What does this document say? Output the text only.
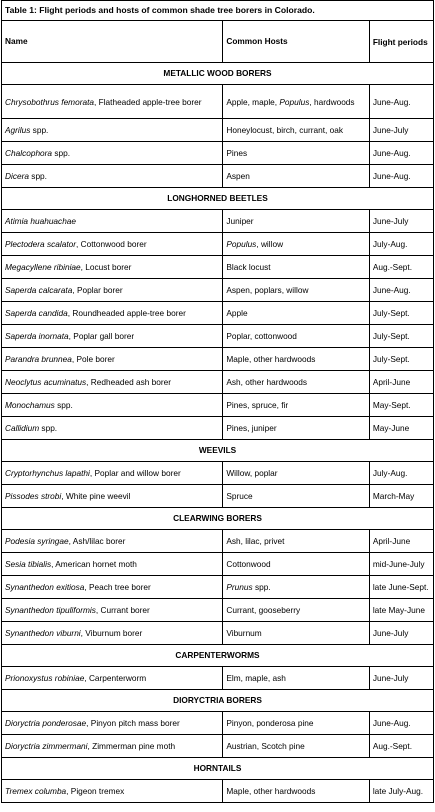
Table 1: Flight periods and hosts of common shade tree borers in Colorado.		
Name	Common Hosts	Flight periods
METALLIC WOOD BORERS		
Chrysobothrus femorata, Flatheaded apple-tree borer	Apple, maple, Populus, hardwoods	June-Aug.
Agrilus spp.	Honeylocust, birch, currant, oak	June-July
Chalcophora spp.	Pines	June-Aug.
Dicera spp.	Aspen	June-Aug.
LONGHORNED BEETLES		
Atimia huahuachae	Juniper	June-July
Plectodera scalator, Cottonwood borer	Populus, willow	July-Aug.
Megacyllene ribiniae, Locust borer	Black locust	Aug.-Sept.
Saperda calcarata, Poplar borer	Aspen, poplars, willow	June-Aug.
Saperda candida, Roundheaded apple-tree borer	Apple	July-Sept.
Saperda inornata, Poplar gall borer	Poplar, cottonwood	July-Sept.
Parandra brunnea, Pole borer	Maple, other hardwoods	July-Sept.
Neoclytus acuminatus, Redheaded ash borer	Ash, other hardwoods	April-June
Monochamus spp.	Pines, spruce, fir	May-Sept.
Callidium spp.	Pines, juniper	May-June
WEEVILS		
Cryptorhynchus lapathi, Poplar and willow borer	Willow, poplar	July-Aug.
Pissodes strobi, White pine weevil	Spruce	March-May
CLEARWING BORERS		
Podesia syringae, Ash/lilac borer	Ash, lilac, privet	April-June
Sesia tibialis, American hornet moth	Cottonwood	mid-June-July
Synanthedon exitiosa, Peach tree borer	Prunus spp.	late June-Sept.
Synanthedon tipuliformis, Currant borer	Currant, gooseberry	late May-June
Synanthedon viburni, Viburnum borer	Viburnum	June-July
CARPENTERWORMS		
Prionoxystus robiniae, Carpenterworm	Elm, maple, ash	June-July
DIORYCTRIA BORERS		
Dioryctria ponderosae, Pinyon pitch mass borer	Pinyon, ponderosa pine	June-Aug.
Dioryctria zimmermani, Zimmerman pine moth	Austrian, Scotch pine	Aug.-Sept.
HORNTAILS		
Tremex columba, Pigeon tremex	Maple, other hardwoods	late July-Aug.
